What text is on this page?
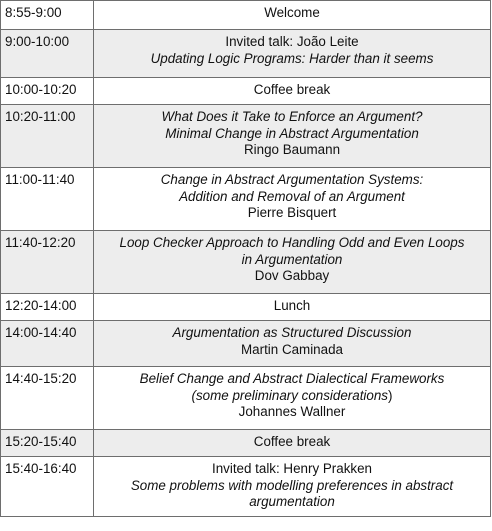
8:55-9:00	Welcome

9:00-10:00	Invited talk: João Leite
Updating Logic Programs: Harder than it seems

10:00-10:20	Coffee break

10:20-11:00	What Does it Take to Enforce an Argument?
Minimal Change in Abstract Argumentation
Ringo Baumann

11:00-11:40	Change in Abstract Argumentation Systems:
Addition and Removal of an Argument
Pierre Bisquert

11:40-12:20	Loop Checker Approach to Handling Odd and Even Loops
in Argumentation
Dov Gabbay

12:20-14:00	Lunch

14:00-14:40	Argumentation as Structured Discussion
Martin Caminada

14:40-15:20	Belief Change and Abstract Dialectical Frameworks
(some preliminary considerations)
Johannes Wallner

15:20-15:40	Coffee break

15:40-16:40	Invited talk: Henry Prakken
Some problems with modelling preferences in abstract
argumentation
